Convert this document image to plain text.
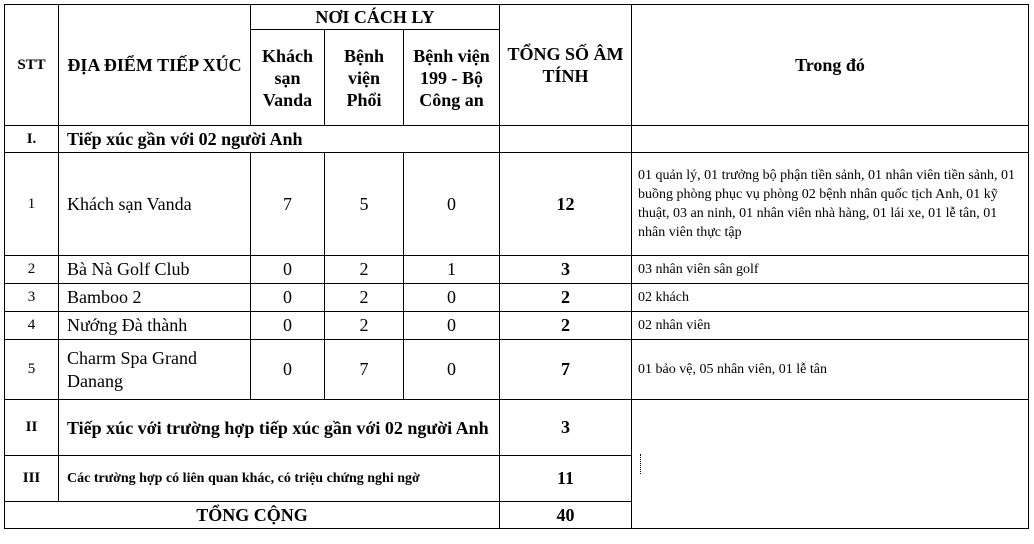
STT	ĐỊA ĐIỂM TIẾP XÚC	NƠI CÁCH LY			TỔNG SỐ ÂM TÍNH	Trong đó
		Khách sạn Vanda	Bệnh viện Phổi	Bệnh viện 199 - Bộ Công an		
I.	Tiếp xúc gần với 02 người Anh					
1	Khách sạn Vanda	7	5	0	12	01 quản lý, 01 trưởng bộ phận tiền sảnh, 01 nhân viên tiền sảnh, 01 buồng phòng phục vụ phòng 02 bệnh nhân quốc tịch Anh, 01 kỹ thuật, 03 an ninh, 01 nhân viên nhà hàng, 01 lái xe, 01 lễ tân, 01 nhân viên thực tập
2	Bà Nà Golf Club	0	2	1	3	03 nhân viên sân golf
3	Bamboo 2	0	2	0	2	02 khách
4	Nướng Đà thành	0	2	0	2	02 nhân viên
5	Charm Spa Grand Danang	0	7	0	7	01 bảo vệ, 05 nhân viên, 01 lễ tân
II	Tiếp xúc với trường hợp tiếp xúc gần với 02 người Anh				3	
III	Các trường hợp có liên quan khác, có triệu chứng nghi ngờ				11	
TỔNG CỘNG					40	
